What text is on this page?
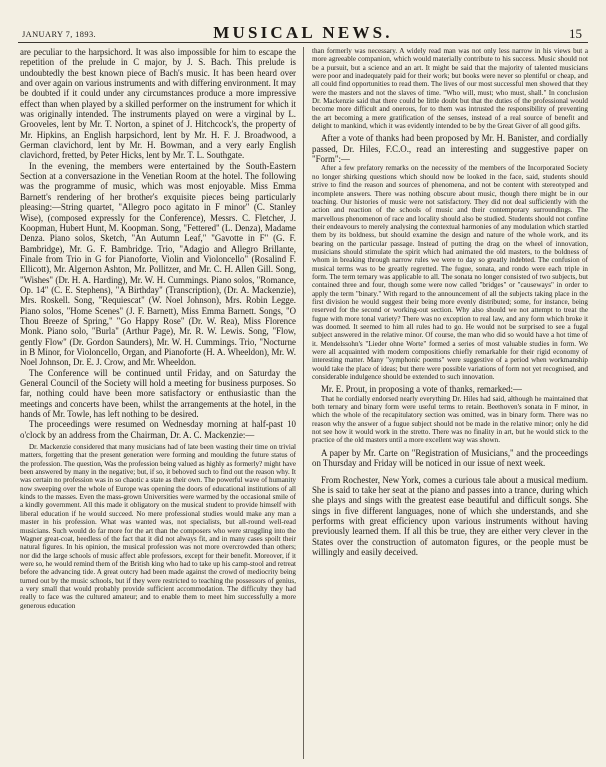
JANUARY 7, 1893.	MUSICAL NEWS.	15

are peculiar to the harpsichord. It was also impossible for him to escape the repetition of the prelude in C major, by J. S. Bach. This prelude is undoubtedly the best known piece of Bach's music. It has been heard over and over again on various instruments and with differing environment. It may be doubted if it could under any circumstances produce a more impressive effect than when played by a skilled performer on the instrument for which it was originally intended. The instruments played on were a virginal by L. Grooveles, lent by Mr. T. Norton, a spinet of J. Hitchcock's, the property of Mr. Hipkins, an English harpsichord, lent by Mr. H. F. J. Broadwood, a German clavichord, lent by Mr. H. Bowman, and a very early English clavichord, fretted, by Peter Hicks, lent by Mr. T. L. Southgate.

In the evening, the members were entertained by the South-Eastern Section at a conversazione in the Venetian Room at the hotel. The following was the programme of music, which was most enjoyable. Miss Emma Barnett's rendering of her brother's exquisite pieces being particularly pleasing:—String quartet, "Allegro poco agitato in F minor" (C. Stanley Wise), (composed expressly for the Conference), Messrs. C. Fletcher, J. Koopman, Hubert Hunt, M. Koopman. Song, "Fettered" (L. Denza), Madame Denza. Piano solos, Sketch, "An Autumn Leaf," "Gavotte in F" (G. F. Bambridge), Mr. G. F. Bambridge. Trio, "Adagio and Allegro Brillante, Finale from Trio in G for Pianoforte, Violin and Violoncello" (Rosalind F. Ellicott), Mr. Algernon Ashton, Mr. Pollitzer, and Mr. C. H. Allen Gill. Song, "Wishes" (Dr. H. A. Harding), Mr. W. H. Cummings. Piano solos, "Romance, Op. 14" (C. E. Stephens), "A Birthday" (Transcription), (Dr. A. Mackenzie), Mrs. Roskell. Song, "Requiescat" (W. Noel Johnson), Mrs. Robin Legge. Piano solos, "Home Scenes" (J. F. Barnett), Miss Emma Barnett. Songs, "O Thou Breeze of Spring," "Go Happy Rose" (Dr. W. Rea), Miss Florence Monk. Piano solo, "Burla" (Arthur Page), Mr. R. W. Lewis. Song, "Flow, gently Flow" (Dr. Gordon Saunders), Mr. W. H. Cummings. Trio, "Nocturne in B Minor, for Violoncello, Organ, and Pianoforte (H. A. Wheeldon), Mr. W. Noel Johnson, Dr. E. J. Crow, and Mr. Wheeldon.

The Conference will be continued until Friday, and on Saturday the General Council of the Society will hold a meeting for business purposes. So far, nothing could have been more satisfactory or enthusiastic than the meetings and concerts have been, whilst the arrangements at the hotel, in the hands of Mr. Towle, has left nothing to be desired.

The proceedings were resumed on Wednesday morning at half-past 10 o'clock by an address from the Chairman, Dr. A. C. Mackenzie:—

Dr. Mackenzie considered that many musicians had of late been wasting their time on trivial matters, forgetting that the present generation were forming and moulding the future status of the profession. The question, Was the profession being valued as highly as formerly? might have been answered by many in the negative; but, if so, it behoved such to find out the reason why. It was certain no profession was in so chaotic a state as their own. The powerful wave of humanity now sweeping over the whole of Europe was opening the doors of educational institutions of all kinds to the masses. Even the mass-grown Universities were warmed by the occasional smile of a kindly government. All this made it obligatory on the musical student to provide himself with liberal education if he would succeed. No mere professional studies would make any man a master in his profession. What was wanted was, not specialists, but all-round well-read musicians. Such would do far more for the art than the composers who were struggling into the Wagner great-coat, heedless of the fact that it did not always fit, and in many cases spoilt their natural figures. In his opinion, the musical profession was not more overcrowded than others; nor did the large schools of music affect able professors, except for their benefit. Moreover, if it were so, he would remind them of the British king who had to take up his camp-stool and retreat before the advancing tide. A great outcry had been made against the crowd of mediocrity being turned out by the music schools, but if they were restricted to teaching the possessors of genius, a very small that would probably provide sufficient accommodation. The difficulty they had really to face was the cultured amateur; and to enable them to meet him successfully a more generous education

than formerly was necessary. A widely read man was not only less narrow in his views but a more agreeable companion, which would materially contribute to his success. Music should not be a pursuit, but a science and an art. It might be said that the majority of talented musicians were poor and inadequately paid for their work; but books were never so plentiful or cheap, and all could find opportunities to read them. The lives of our most successful men showed that they were the masters and not the slaves of time. "Who will, must; who must, shall." In conclusion Dr. Mackenzie said that there could be little doubt but that the duties of the professional would become more difficult and onerous, for to them was intrusted the responsibility of preventing the art becoming a mere gratification of the senses, instead of a real source of benefit and delight to mankind, which it was evidently intended to be by the Great Giver of all good gifts.

After a vote of thanks had been proposed by Mr. H. Banister, and cordially passed, Dr. Hiles, F.C.O., read an interesting and suggestive paper on "Form":—

After a few prefatory remarks on the necessity of the members of the Incorporated Society no longer shirking questions which should now be looked in the face, said, students should strive to find the reason and sources of phenomena, and not be content with stereotyped and incomplete answers. There was nothing obscure about music, though there might be in our teaching. Our histories of music were not satisfactory. They did not deal sufficiently with the action and reaction of the schools of music and their contemporary surroundings. The marvellous phenomenon of race and locality should also be studied. Students should not confine their endeavours to merely analysing the contextual harmonies of any modulation which startled them by its boldness, but should examine the design and nature of the whole work, and its bearing on the particular passage. Instead of putting the drag on the wheel of innovation, musicians should stimulate the spirit which had animated the old masters, to the boldness of whom in breaking through narrow rules we were to day so greatly indebted. The confusion of musical terms was to be greatly regretted. The fugue, sonata, and rondo were each triple in form. The term ternary was applicable to all. The sonata no longer consisted of two subjects, but contained three and four, though some were now called "bridges" or "causeways" in order to apply the term "binary." With regard to the announcement of all the subjects taking place in the first division he would suggest their being more evenly distributed; some, for instance, being reserved for the second or working-out section. Why also should we not attempt to treat the fugue with more tonal variety? There was no exception to real law, and any form which broke it was doomed. It seemed to him all rules had to go. He would not be surprised to see a fugal subject answered in the relative minor. Of course, the man who did so would have a hot time of it. Mendelssohn's "Lieder ohne Worte" formed a series of most valuable studies in form. We were all acquainted with modern compositions chiefly remarkable for their rigid economy of interesting matter. Many "symphonic poems" were suggestive of a period when workmanship would take the place of ideas; but there were possible variations of form not yet recognised, and considerable indulgence should be extended to such innovation.

Mr. E. Prout, in proposing a vote of thanks, remarked:—

That he cordially endorsed nearly everything Dr. Hiles had said, although he maintained that both ternary and binary form were useful terms to retain. Beethoven's sonata in F minor, in which the whole of the recapitulatory section was omitted, was in binary form. There was no reason why the answer of a fugue subject should not be made in the relative minor; only he did not see how it would work in the stretto. There was no finality in art, but he would stick to the practice of the old masters until a more excellent way was shown.

A paper by Mr. Carte on "Registration of Musicians," and the proceedings on Thursday and Friday will be noticed in our issue of next week.

From Rochester, New York, comes a curious tale about a musical medium. She is said to take her seat at the piano and passes into a trance, during which she plays and sings with the greatest ease beautiful and difficult songs. She sings in five different languages, none of which she understands, and she performs with great efficiency upon various instruments without having previously learned them. If all this be true, they are either very clever in the States over the construction of automaton figures, or the people must be willingly and easily deceived.
